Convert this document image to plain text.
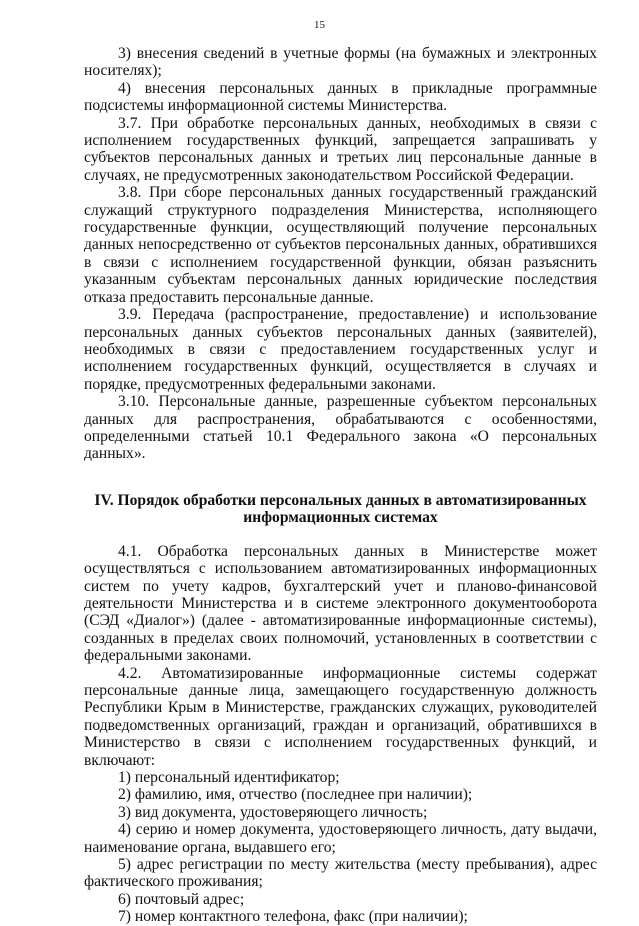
15

3) внесения сведений в учетные формы (на бумажных и электронных носителях);

4) внесения персональных данных в прикладные программные подсистемы информационной системы Министерства.

3.7. При обработке персональных данных, необходимых в связи с исполнением государственных функций, запрещается запрашивать у субъектов персональных данных и третьих лиц персональные данные в случаях, не предусмотренных законодательством Российской Федерации.

3.8. При сборе персональных данных государственный гражданский служащий структурного подразделения Министерства, исполняющего государственные функции, осуществляющий получение персональных данных непосредственно от субъектов персональных данных, обратившихся в связи с исполнением государственной функции, обязан разъяснить указанным субъектам персональных данных юридические последствия отказа предоставить персональные данные.

3.9. Передача (распространение, предоставление) и использование персональных данных субъектов персональных данных (заявителей), необходимых в связи с предоставлением государственных услуг и исполнением государственных функций, осуществляется в случаях и порядке, предусмотренных федеральными законами.

3.10. Персональные данные, разрешенные субъектом персональных данных для распространения, обрабатываются с особенностями, определенными статьей 10.1 Федерального закона «О персональных данных».

IV. Порядок обработки персональных данных в автоматизированных
информационных системах

4.1. Обработка персональных данных в Министерстве может осуществляться с использованием автоматизированных информационных систем по учету кадров, бухгалтерский учет и планово-финансовой деятельности Министерства и в системе электронного документооборота (СЭД «Диалог») (далее - автоматизированные информационные системы), созданных в пределах своих полномочий, установленных в соответствии с федеральными законами.

4.2. Автоматизированные информационные системы содержат персональные данные лица, замещающего государственную должность Республики Крым в Министерстве, гражданских служащих, руководителей подведомственных организаций, граждан и организаций, обратившихся в Министерство в связи с исполнением государственных функций, и включают:

1) персональный идентификатор;

2) фамилию, имя, отчество (последнее при наличии);

3) вид документа, удостоверяющего личность;

4) серию и номер документа, удостоверяющего личность, дату выдачи, наименование органа, выдавшего его;

5) адрес регистрации по месту жительства (месту пребывания), адрес фактического проживания;

6) почтовый адрес;

7) номер контактного телефона, факс (при наличии);
